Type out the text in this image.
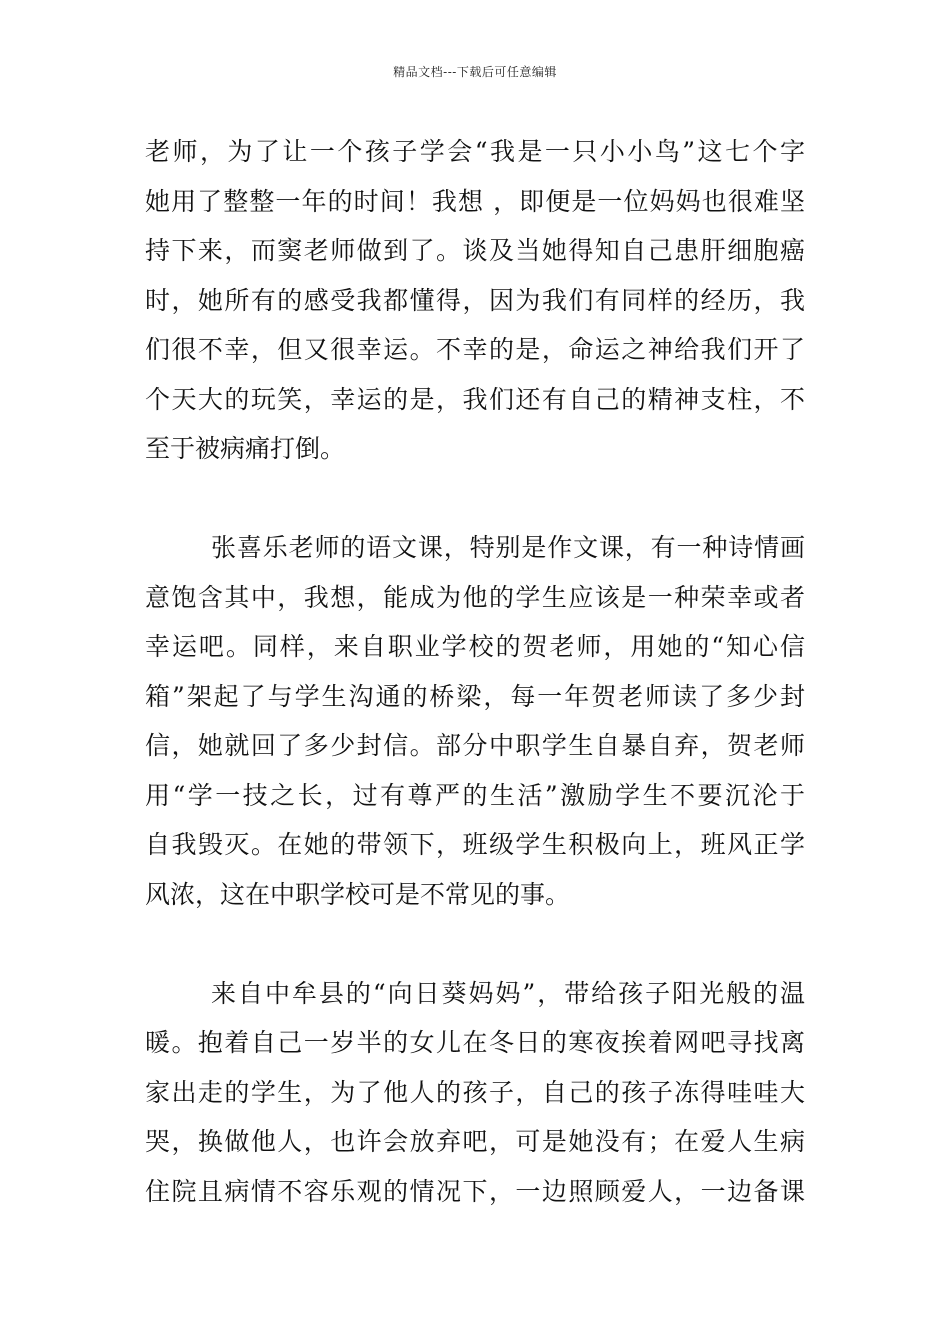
精品文档---下载后可任意编辑
老师，为了让一个孩子学会“我是一只小小鸟”这七个字
她用了整整一年的时间！我想 ，即便是一位妈妈也很难坚
持下来，而窦老师做到了。谈及当她得知自己患肝细胞癌
时，她所有的感受我都懂得，因为我们有同样的经历，我
们很不幸，但又很幸运。不幸的是，命运之神给我们开了
个天大的玩笑，幸运的是，我们还有自己的精神支柱，不
至于被病痛打倒。
张喜乐老师的语文课，特别是作文课，有一种诗情画
意饱含其中，我想，能成为他的学生应该是一种荣幸或者
幸运吧。同样，来自职业学校的贺老师，用她的“知心信
箱”架起了与学生沟通的桥梁，每一年贺老师读了多少封
信，她就回了多少封信。部分中职学生自暴自弃，贺老师
用“学一技之长，过有尊严的生活”激励学生不要沉沦于
自我毁灭。在她的带领下，班级学生积极向上，班风正学
风浓，这在中职学校可是不常见的事。
来自中牟县的“向日葵妈妈”，带给孩子阳光般的温
暖。抱着自己一岁半的女儿在冬日的寒夜挨着网吧寻找离
家出走的学生，为了他人的孩子，自己的孩子冻得哇哇大
哭，换做他人，也许会放弃吧，可是她没有；在爱人生病
住院且病情不容乐观的情况下，一边照顾爱人，一边备课
